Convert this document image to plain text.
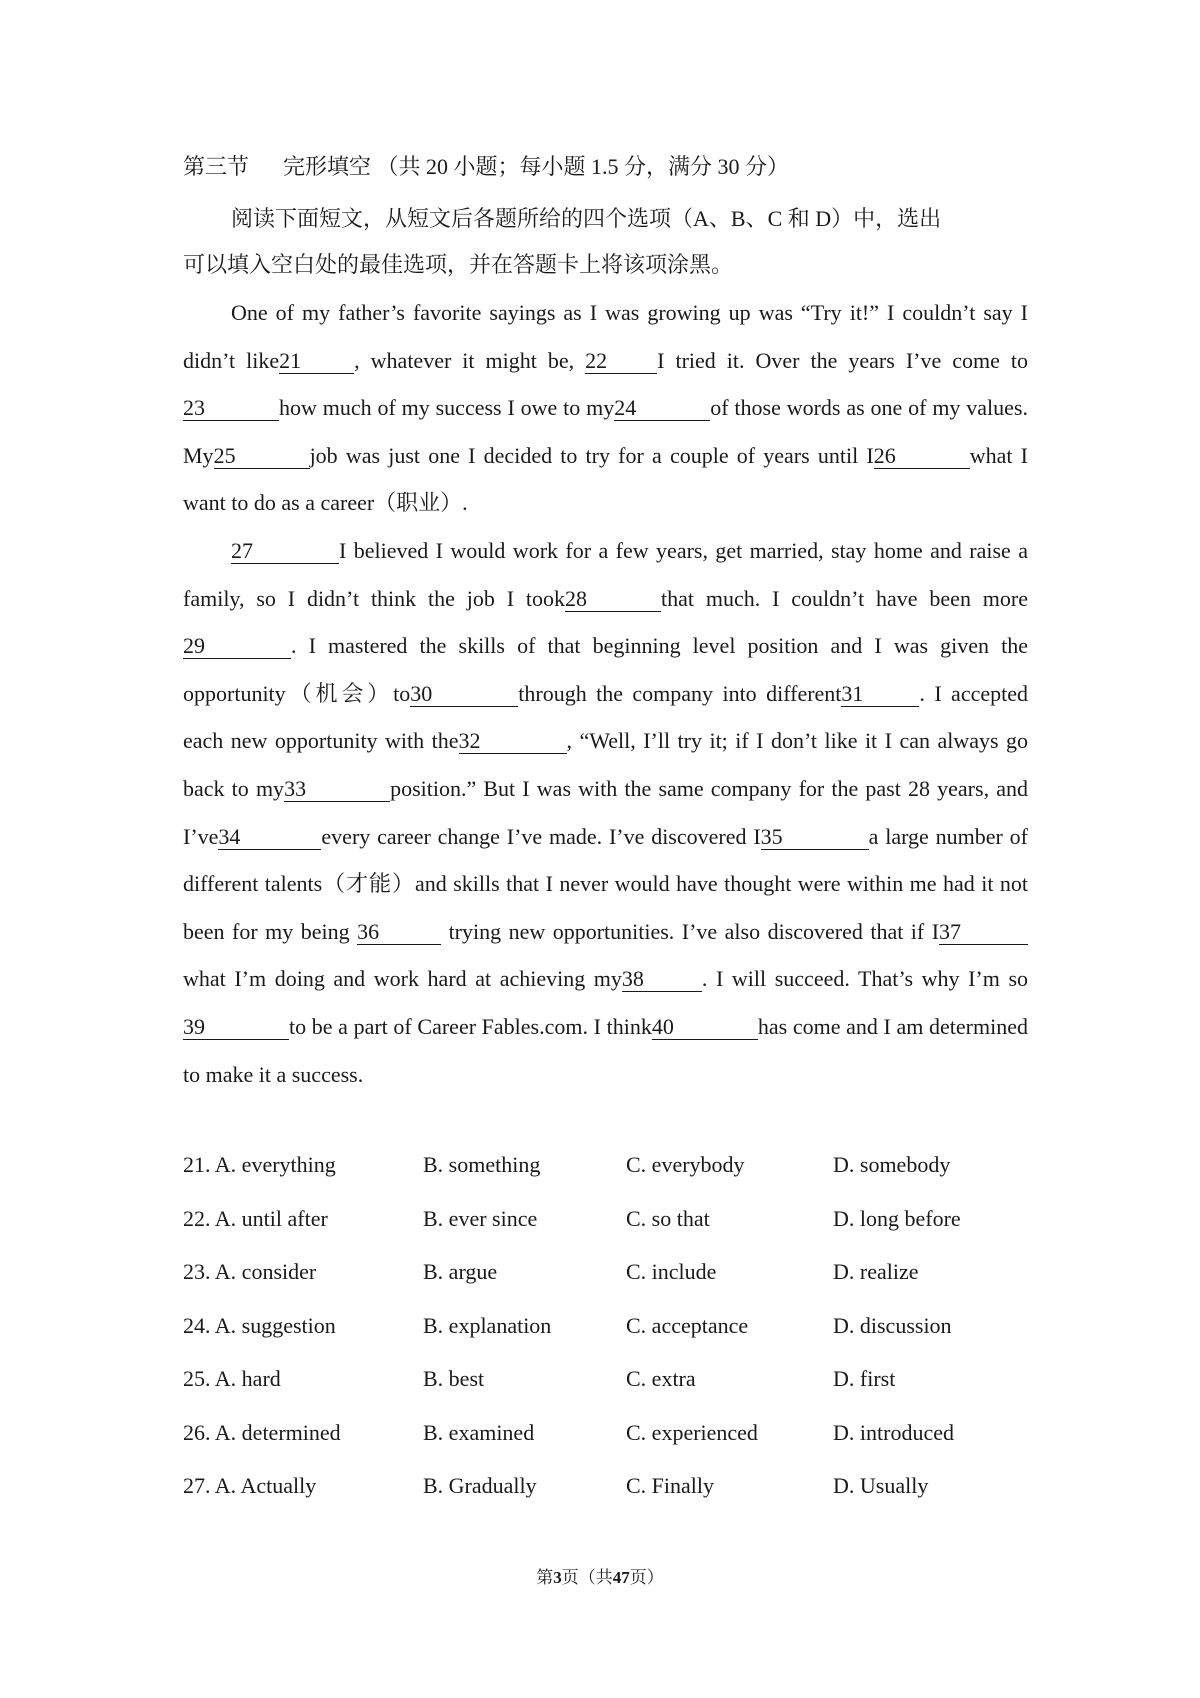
第三节 完形填空 （共 20 小题；每小题 1.5 分，满分 30 分）

阅读下面短文，从短文后各题所给的四个选项（A、B、C 和 D）中，选出

可以填入空白处的最佳选项，并在答题卡上将该项涂黑。

One of my father’s favorite sayings as I was growing up was “Try it!” I couldn’t say I didn’t like21 , whatever it might be, 22 I tried it. Over the years I’ve come to23	how much of my success I owe to my24	of those words as one of my values. My25	job was just one I decided to try for a couple of years until I26	what I want to do as a career（职业）.

27	I believed I would work for a few years, get married, stay home and raise a family, so I didn’t think the job I took28	that much. I couldn’t have been more29	. I mastered the skills of that beginning level position and I was given the opportunity（机会）to30	through the company into different31	. I accepted each new opportunity with the32	, “Well, I’ll try it; if I don’t like it I can always go back to my33	position.” But I was with the same company for the past 28 years, and I’ve34	every career change I’ve made. I’ve discovered I35	a large number of different talents（才能）and skills that I never would have thought were within me had it not been for my being 36	trying new opportunities. I’ve also discovered that if I37what I’m doing and work hard at achieving my38	. I will succeed. That’s why I’m so39	to be a part of Career Fables.com. I think40	has come and I am determined to make it a success.

21. A. everything	B. something	C. everybody	D. somebody
22. A. until after	B. ever since	C. so that	D. long before
23. A. consider	B. argue	C. include	D. realize
24. A. suggestion	B. explanation	C. acceptance	D. discussion
25. A. hard	B. best	C. extra	D. first
26. A. determined	B. examined	C. experienced	D. introduced
27. A. Actually	B. Gradually	C. Finally	D. Usually
第3页（共47页）
